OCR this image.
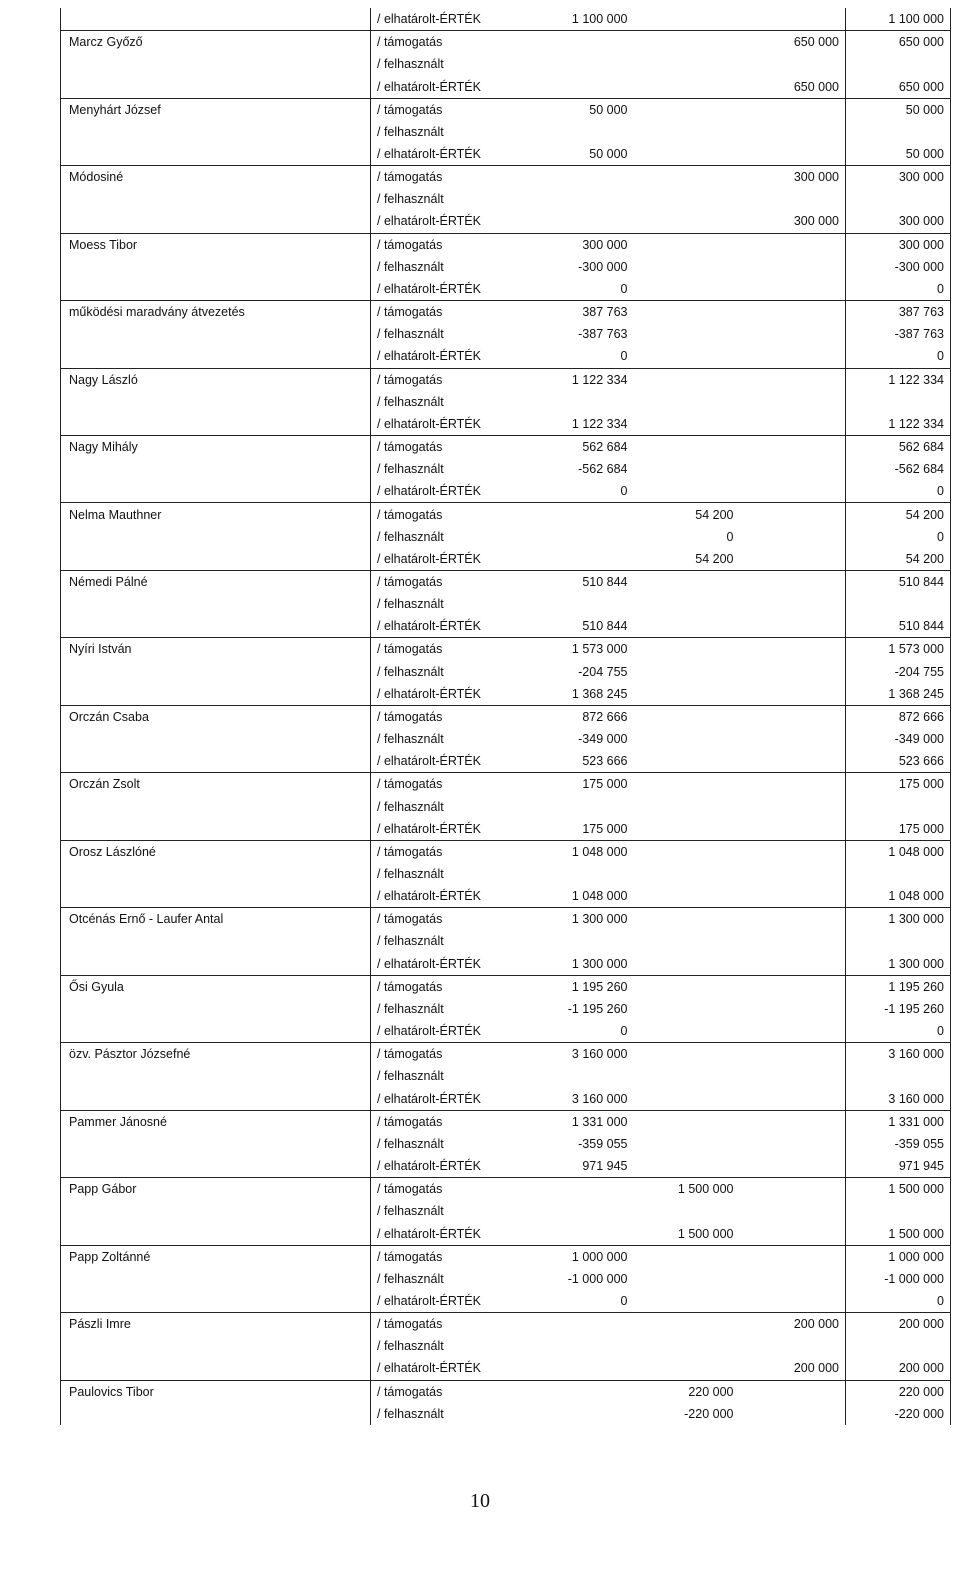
	/ elhatárolt-ÉRTÉK	1 100 000			1 100 000
Marcz Győző	/ támogatás			650 000	650 000
	/ felhasznált				
	/ elhatárolt-ÉRTÉK			650 000	650 000
Menyhárt József	/ támogatás	50 000			50 000
	/ felhasznált				
	/ elhatárolt-ÉRTÉK	50 000			50 000
Módosiné	/ támogatás			300 000	300 000
	/ felhasznált				
	/ elhatárolt-ÉRTÉK			300 000	300 000
Moess Tibor	/ támogatás	300 000			300 000
	/ felhasznált	-300 000			-300 000
	/ elhatárolt-ÉRTÉK	0			0
működési maradvány átvezetés	/ támogatás	387 763			387 763
	/ felhasznált	-387 763			-387 763
	/ elhatárolt-ÉRTÉK	0			0
Nagy László	/ támogatás	1 122 334			1 122 334
	/ felhasznált				
	/ elhatárolt-ÉRTÉK	1 122 334			1 122 334
Nagy Mihály	/ támogatás	562 684			562 684
	/ felhasznált	-562 684			-562 684
	/ elhatárolt-ÉRTÉK	0			0
Nelma Mauthner	/ támogatás		54 200		54 200
	/ felhasznált		0		0
	/ elhatárolt-ÉRTÉK		54 200		54 200
Némedi Pálné	/ támogatás	510 844			510 844
	/ felhasznált				
	/ elhatárolt-ÉRTÉK	510 844			510 844
Nyíri István	/ támogatás	1 573 000			1 573 000
	/ felhasznált	-204 755			-204 755
	/ elhatárolt-ÉRTÉK	1 368 245			1 368 245
Orczán Csaba	/ támogatás	872 666			872 666
	/ felhasznált	-349 000			-349 000
	/ elhatárolt-ÉRTÉK	523 666			523 666
Orczán Zsolt	/ támogatás	175 000			175 000
	/ felhasznált				
	/ elhatárolt-ÉRTÉK	175 000			175 000
Orosz Lászlóné	/ támogatás	1 048 000			1 048 000
	/ felhasznált				
	/ elhatárolt-ÉRTÉK	1 048 000			1 048 000
Otcénás Ernő - Laufer Antal	/ támogatás	1 300 000			1 300 000
	/ felhasznált				
	/ elhatárolt-ÉRTÉK	1 300 000			1 300 000
Ősi Gyula	/ támogatás	1 195 260			1 195 260
	/ felhasznált	-1 195 260			-1 195 260
	/ elhatárolt-ÉRTÉK	0			0
özv. Pásztor Józsefné	/ támogatás	3 160 000			3 160 000
	/ felhasznált				
	/ elhatárolt-ÉRTÉK	3 160 000			3 160 000
Pammer Jánosné	/ támogatás	1 331 000			1 331 000
	/ felhasznált	-359 055			-359 055
	/ elhatárolt-ÉRTÉK	971 945			971 945
Papp Gábor	/ támogatás		1 500 000		1 500 000
	/ felhasznált				
	/ elhatárolt-ÉRTÉK		1 500 000		1 500 000
Papp Zoltánné	/ támogatás	1 000 000			1 000 000
	/ felhasznált	-1 000 000			-1 000 000
	/ elhatárolt-ÉRTÉK	0			0
Pászli Imre	/ támogatás			200 000	200 000
	/ felhasznált				
	/ elhatárolt-ÉRTÉK			200 000	200 000
Paulovics Tibor	/ támogatás		220 000		220 000
	/ felhasznált		-220 000		-220 000
10
